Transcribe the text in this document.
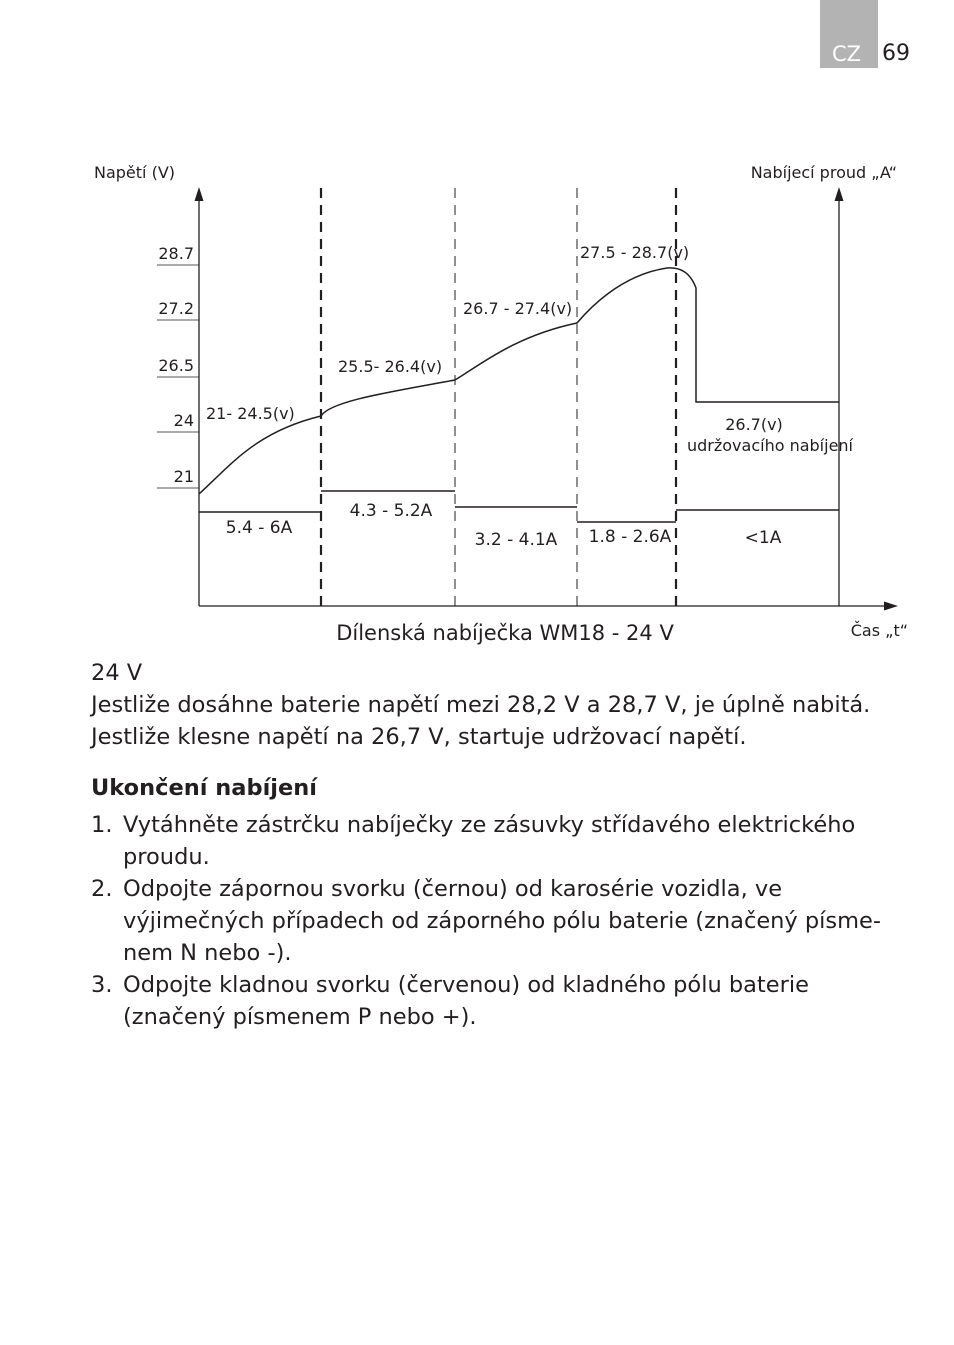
CZ 69
28.7
27.2
26.5
24
21
Napětí (V)	Nabíjecí proud „A“
Čas „t“
21- 24.5(v)
25.5- 26.4(v)
26.7 - 27.4(v)
27.5 - 28.7(v)
26.7(v)
udržovacího nabíjení
5.4 - 6A
4.3 - 5.2A
3.2 - 4.1A 1.8 - 2.6A	<1A
Dílenská nabíječka WM18 - 24 V

24 V

Jestliže dosáhne baterie napětí mezi 28,2 V a 28,7 V, je úplně nabitá.

Jestliže klesne napětí na 26,7 V, startuje udržovací napětí.

Ukončení nabíjení
1. Vytáhněte zástrčku nabíječky ze zásuvky střídavého elektrického proudu.
2. Odpojte zápornou svorku (černou) od karosérie vozidla, ve výjimečných případech od záporného pólu baterie (značený písme-nem N nebo -).
3. Odpojte kladnou svorku (červenou) od kladného pólu baterie (značený písmenem P nebo +).
